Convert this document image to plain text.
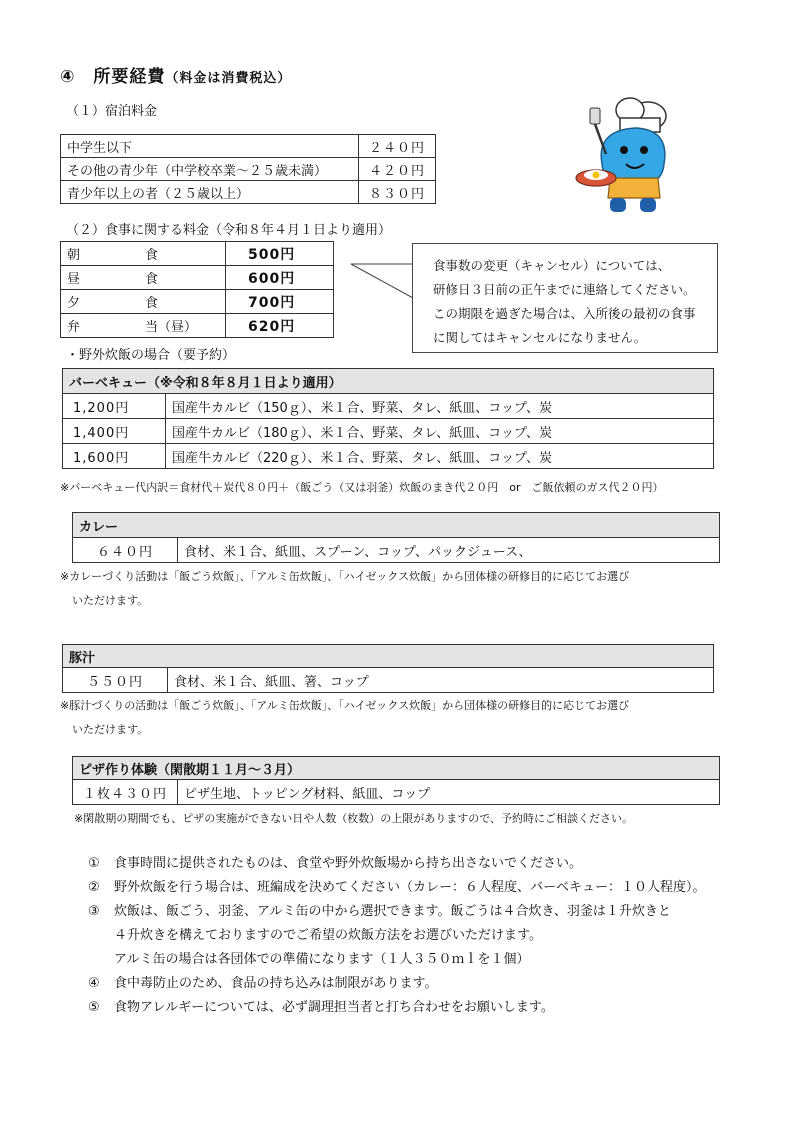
④ 所要経費（料金は消費税込）
（１）宿泊料金
中学生以下	２４０円
その他の青少年（中学校卒業～２５歳未満）	４２０円
青少年以上の者（２５歳以上）	８３０円
（２）食事に関する料金（令和８年４月１日より適用）
朝 食	500円
昼 食	600円
夕 食	700円
弁 当（昼）	620円
食事数の変更（キャンセル）については、
研修日３日前の正午までに連絡してください。
この期限を過ぎた場合は、入所後の最初の食事
に関してはキャンセルになりません。
・野外炊飯の場合（要予約）
バーベキュー（※令和８年８月１日より適用）	
1,200円	国産牛カルビ（150ｇ）、米１合、野菜、タレ、紙皿、コップ、炭
1,400円	国産牛カルビ（180ｇ）、米１合、野菜、タレ、紙皿、コップ、炭
1,600円	国産牛カルビ（220ｇ）、米１合、野菜、タレ、紙皿、コップ、炭
※バーベキュー代内訳＝食材代＋炭代８０円＋（飯ごう（又は羽釜）炊飯のまき代２０円　or　ご飯依頼のガス代２０円）
カレー
６４０円	食材、米１合、紙皿、スプーン、コップ、パックジュース、
※カレーづくり活動は「飯ごう炊飯」、「アルミ缶炊飯」、「ハイゼックス炊飯」から団体様の研修目的に応じてお選び
いただけます。
豚汁
５５０円	食材、米１合、紙皿、箸、コップ
※豚汁づくりの活動は「飯ごう炊飯」、「アルミ缶炊飯」、「ハイゼックス炊飯」から団体様の研修目的に応じてお選び
いただけます。
ピザ作り体験（閑散期１１月～３月）
１枚４３０円	ピザ生地、トッピング材料、紙皿、コップ
※閑散期の期間でも、ピザの実施ができない日や人数（枚数）の上限がありますので、予約時にご相談ください。
① 食事時間に提供されたものは、食堂や野外炊飯場から持ち出さないでください。
② 野外炊飯を行う場合は、班編成を決めてください（カレー：６人程度、バーベキュー：１０人程度）。
③ 炊飯は、飯ごう、羽釜、アルミ缶の中から選択できます。飯ごうは４合炊き、羽釜は１升炊きと
４升炊きを構えておりますのでご希望の炊飯方法をお選びいただけます。
アルミ缶の場合は各団体での準備になります（１人３５０ｍｌを１個）
④ 食中毒防止のため、食品の持ち込みは制限があります。
⑤ 食物アレルギーについては、必ず調理担当者と打ち合わせをお願いします。
